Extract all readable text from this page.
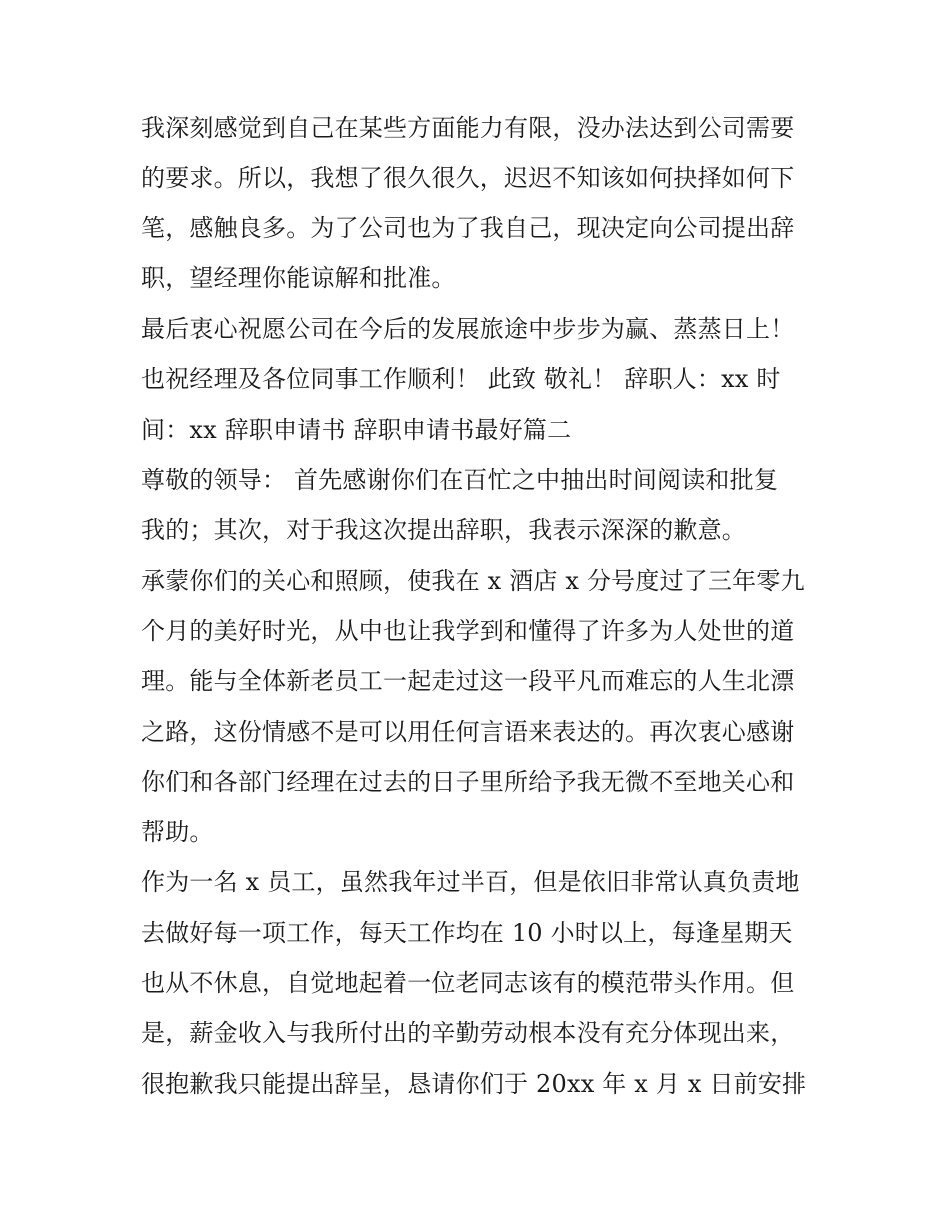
我深刻感觉到自己在某些方面能力有限，没办法达到公司需要
的要求。所以，我想了很久很久，迟迟不知该如何抉择如何下
笔，感触良多。为了公司也为了我自己，现决定向公司提出辞
职，望经理你能谅解和批准。
最后衷心祝愿公司在今后的发展旅途中步步为赢、蒸蒸日上！
也祝经理及各位同事工作顺利！ 此致 敬礼！ 辞职人：xx 时
间：xx 辞职申请书 辞职申请书最好篇二
尊敬的领导： 首先感谢你们在百忙之中抽出时间阅读和批复
我的；其次，对于我这次提出辞职，我表示深深的歉意。
承蒙你们的关心和照顾，使我在 x 酒店 x 分号度过了三年零九
个月的美好时光，从中也让我学到和懂得了许多为人处世的道
理。能与全体新老员工一起走过这一段平凡而难忘的人生北漂
之路，这份情感不是可以用任何言语来表达的。再次衷心感谢
你们和各部门经理在过去的日子里所给予我无微不至地关心和
帮助。
作为一名 x 员工，虽然我年过半百，但是依旧非常认真负责地
去做好每一项工作，每天工作均在 10 小时以上，每逢星期天
也从不休息，自觉地起着一位老同志该有的模范带头作用。但
是，薪金收入与我所付出的辛勤劳动根本没有充分体现出来，
很抱歉我只能提出辞呈，恳请你们于 20xx 年 x 月 x 日前安排
